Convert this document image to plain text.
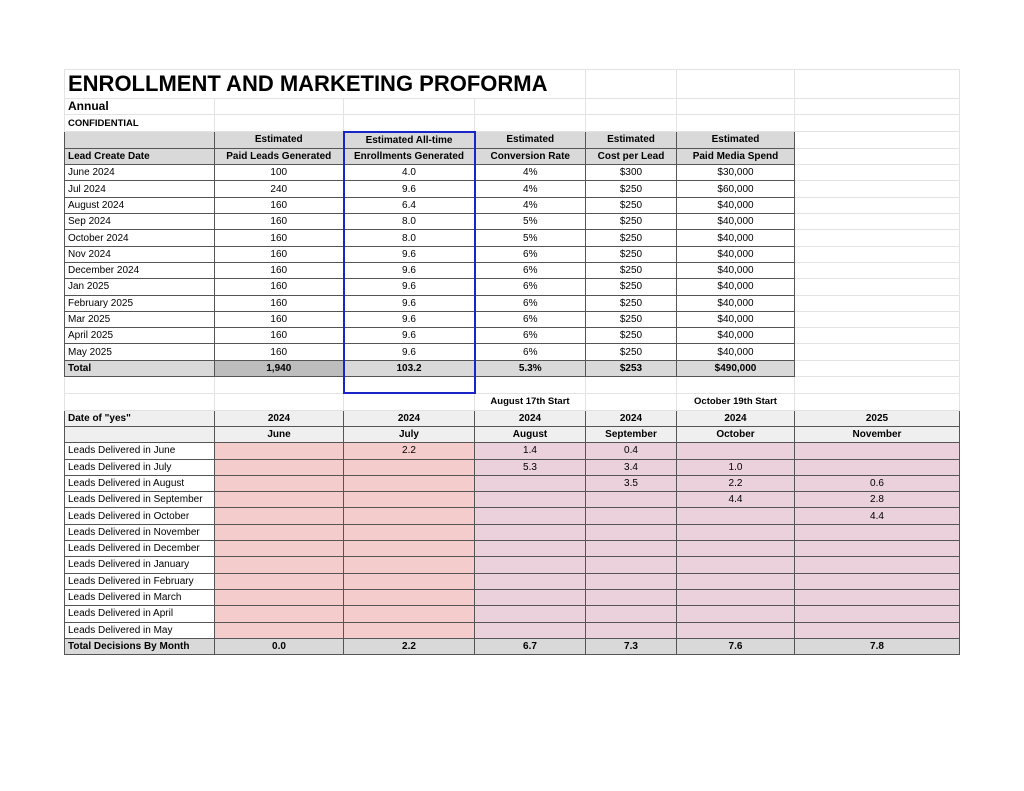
ENROLLMENT AND MARKETING PROFORMA						
Annual						
CONFIDENTIAL						
	Estimated	Estimated All-time	Estimated	Estimated	Estimated	
Lead Create Date	Paid Leads Generated	Enrollments Generated	Conversion Rate	Cost per Lead	Paid Media Spend	
June 2024	100	4.0	4%	$300	$30,000	
Jul 2024	240	9.6	4%	$250	$60,000	
August 2024	160	6.4	4%	$250	$40,000	
Sep 2024	160	8.0	5%	$250	$40,000	
October 2024	160	8.0	5%	$250	$40,000	
Nov 2024	160	9.6	6%	$250	$40,000	
December 2024	160	9.6	6%	$250	$40,000	
Jan 2025	160	9.6	6%	$250	$40,000	
February 2025	160	9.6	6%	$250	$40,000	
Mar 2025	160	9.6	6%	$250	$40,000	
April 2025	160	9.6	6%	$250	$40,000	
May 2025	160	9.6	6%	$250	$40,000	
Total	1,940	103.2	5.3%	$253	$490,000	

			August 17th Start		October 19th Start	
Date of "yes"	2024	2024	2024	2024	2024	2025
	June	July	August	September	October	November
Leads Delivered in June		2.2	1.4	0.4		
Leads Delivered in July			5.3	3.4	1.0	
Leads Delivered in August				3.5	2.2	0.6
Leads Delivered in September					4.4	2.8
Leads Delivered in October						4.4
Leads Delivered in November						
Leads Delivered in December						
Leads Delivered in January						
Leads Delivered in February						
Leads Delivered in March						
Leads Delivered in April						
Leads Delivered in May						
Total Decisions By Month	0.0	2.2	6.7	7.3	7.6	7.8
